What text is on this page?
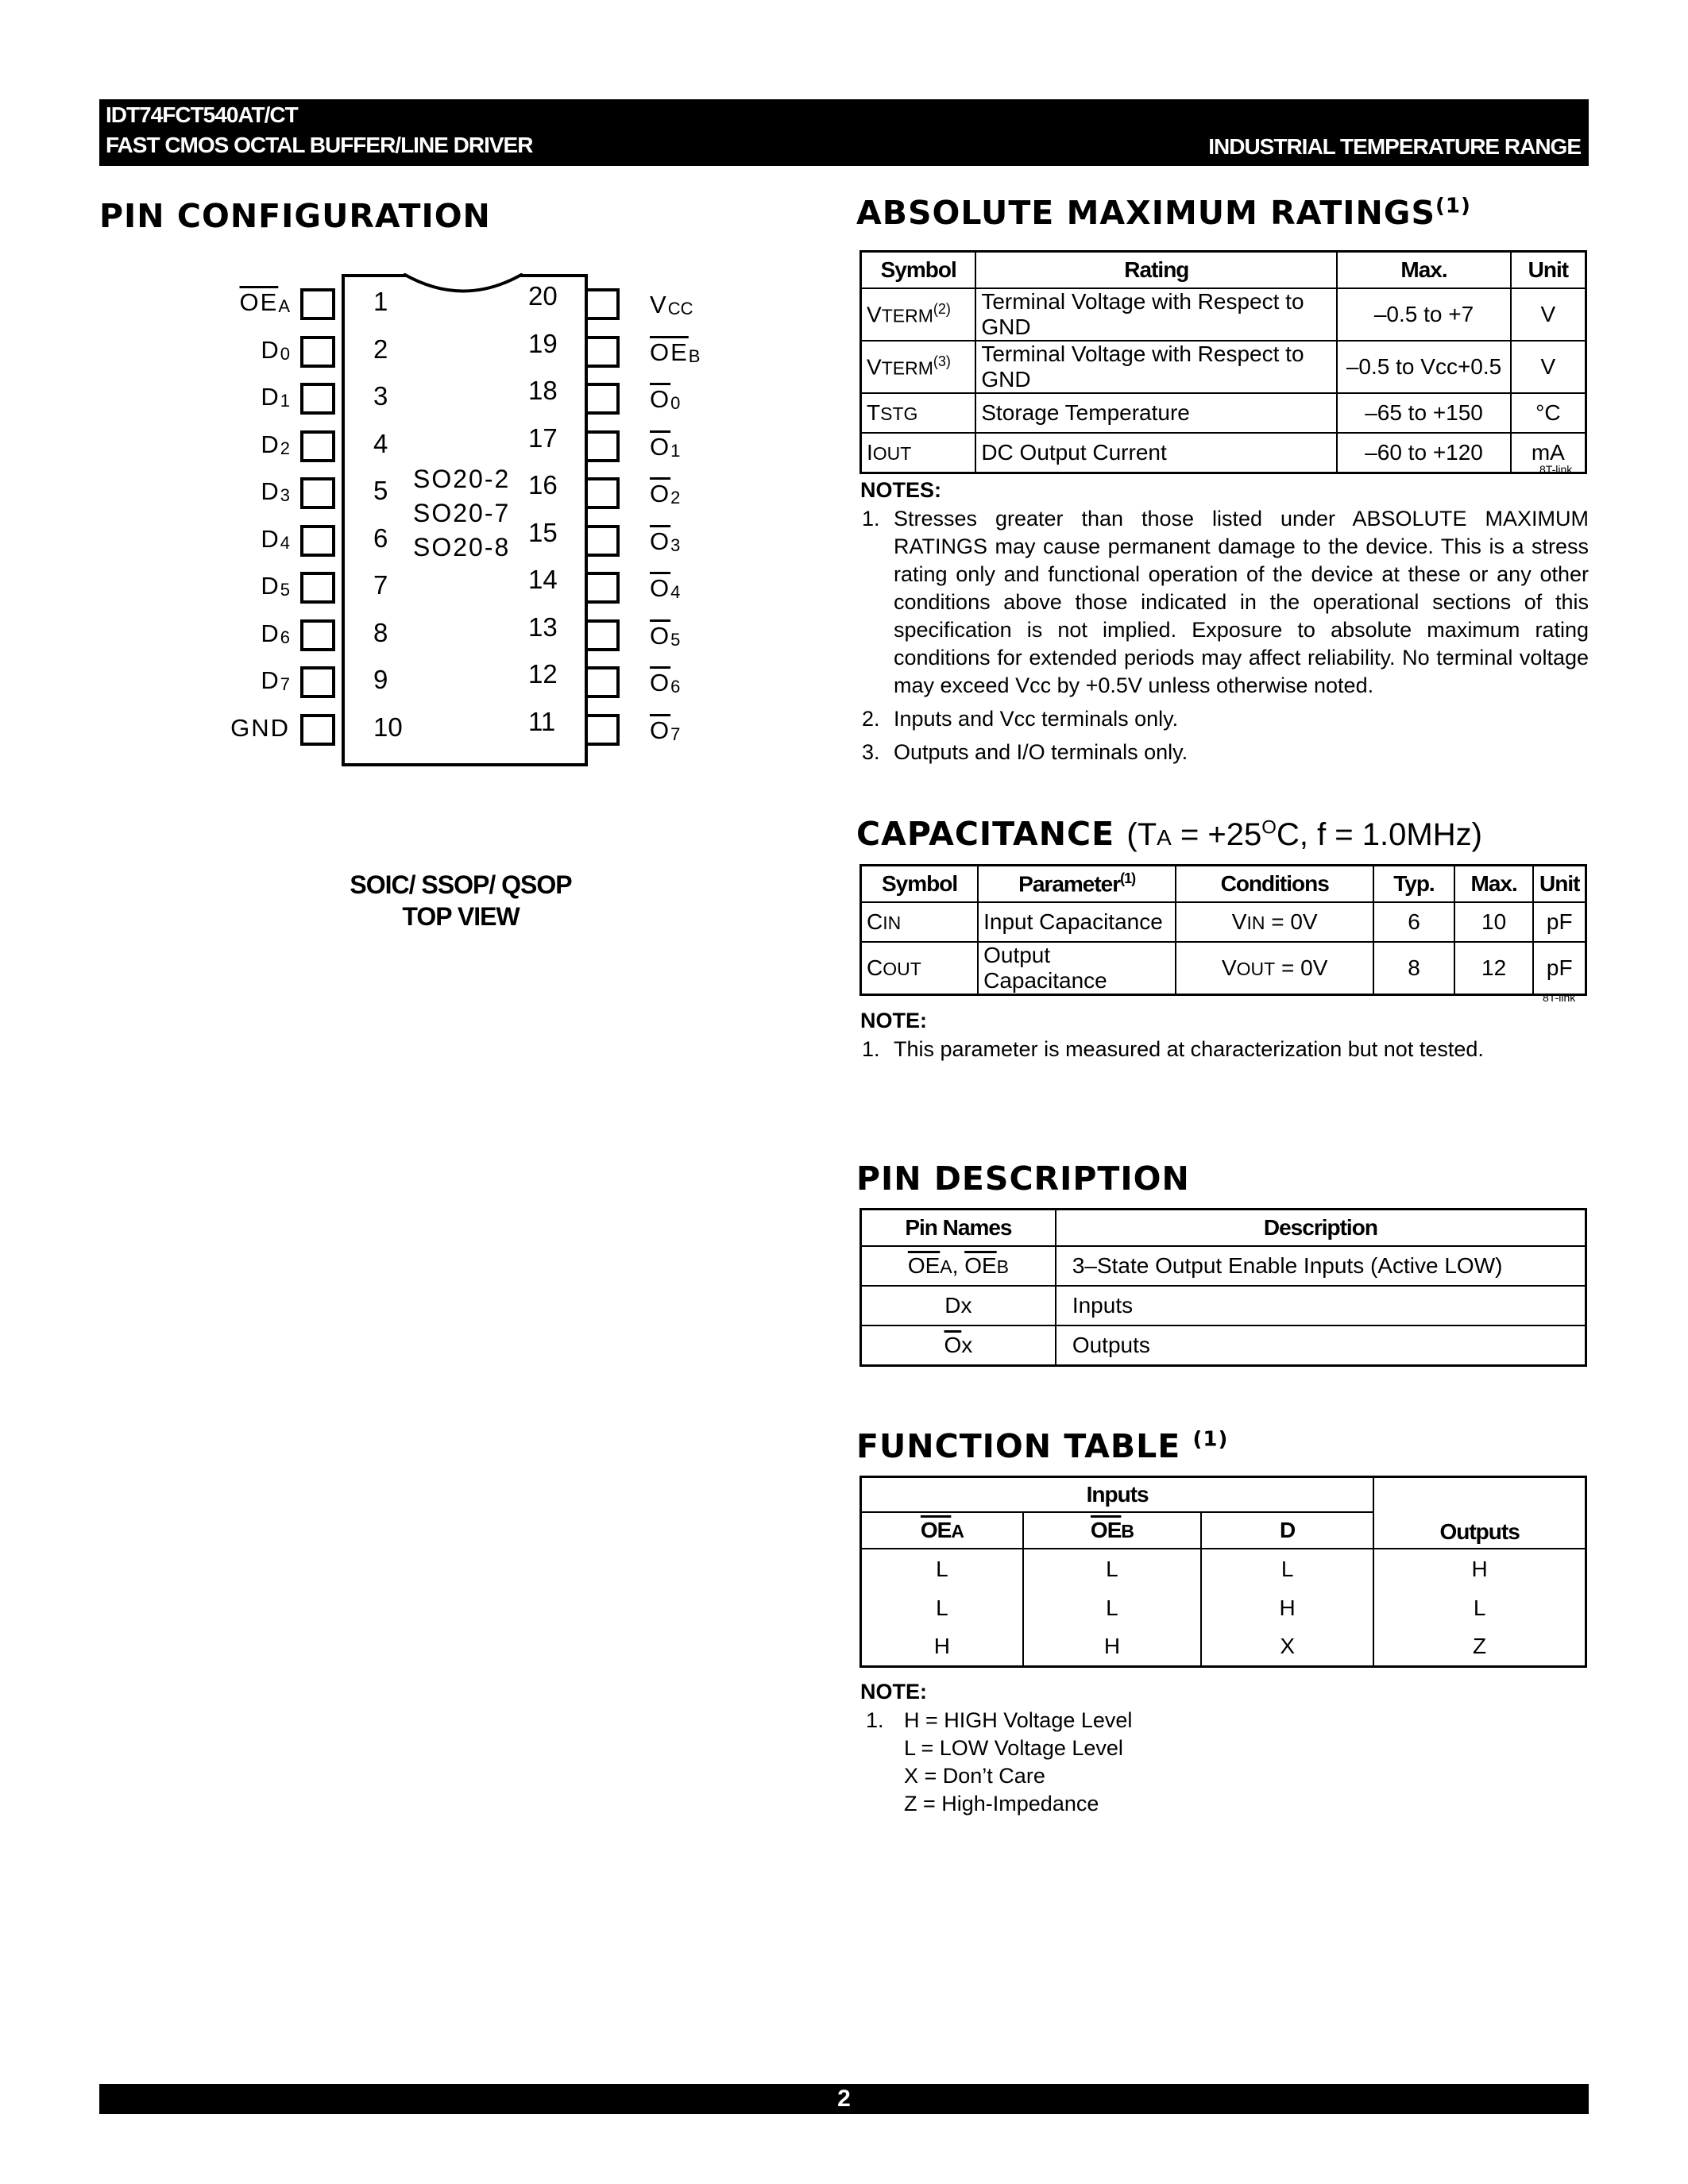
IDT74FCT540AT/CT
FAST CMOS OCTAL BUFFER/LINE DRIVER	INDUSTRIAL TEMPERATURE RANGE
PIN CONFIGURATION
1
$\overline{OE}_A$
2
$D_0$
3
$D_1$
4
$D_2$
5
$D_3$
6
$D_4$
7
$D_5$
8
$D_6$
9
$D_7$
10
GND
20	$V_{CC}$
19	$\overline{OE}_B$
18	$\overline{O}_0$
17	$\overline{O}_1$
16	$\overline{O}_2$
15	$\overline{O}_3$
14	$\overline{O}_4$
13	$\overline{O}_5$
12	$\overline{O}_6$
11	$\overline{O}_7$
SO20-2
SO20-7
SO20-8
SOIC/ SSOP/ QSOP
TOP VIEW
ABSOLUTE MAXIMUM RATINGS$^{(1)}$
Symbol	Rating	Max.	Unit
VTERM$^{(2)}$	Terminal Voltage with Respect to GND	–0.5 to +7	V
VTERM$^{(3)}$	Terminal Voltage with Respect to GND	–0.5 to Vcc+0.5	V
TSTG	Storage Temperature	–65 to +150	°C
IOUT	DC Output Current	–60 to +120	mA
8T-link
NOTES:
1. Stresses greater than those listed under ABSOLUTE MAXIMUM RATINGS may cause permanent damage to the device. This is a stress rating only and functional operation of the device at these or any other conditions above those indicated in the operational sections of this specification is not implied. Exposure to absolute maximum rating conditions for extended periods may affect reliability. No terminal voltage may exceed Vcc by +0.5V unless otherwise noted.
2. Inputs and Vcc terminals only.
3. Outputs and I/O terminals only.
CAPACITANCE ($TA = +25^OC$, f = 1.0MHz)
Symbol	Parameter$^{(1)}$	Conditions	Typ.	Max.	Unit
CIN	Input Capacitance	VIN = 0V	6	10	pF
COUT	Output Capacitance	VOUT = 0V	8	12	pF
8T-link
NOTE:
1. This parameter is measured at characterization but not tested.
PIN DESCRIPTION
Pin Names	Description
$\overline{OE}A$, $\overline{OE}B$	3–State Output Enable Inputs (Active LOW)
Dx	Inputs
$\overline{O}x$	Outputs
FUNCTION TABLE $^{(1)}$
Inputs			Outputs
$\overline{OE}A$	$\overline{OE}B$	D	
L	L	L	H
L	L	H	L
H	H	X	Z
NOTE:
1. H = HIGH Voltage Level
L = LOW Voltage Level
X = Don’t Care
Z = High-Impedance
2
